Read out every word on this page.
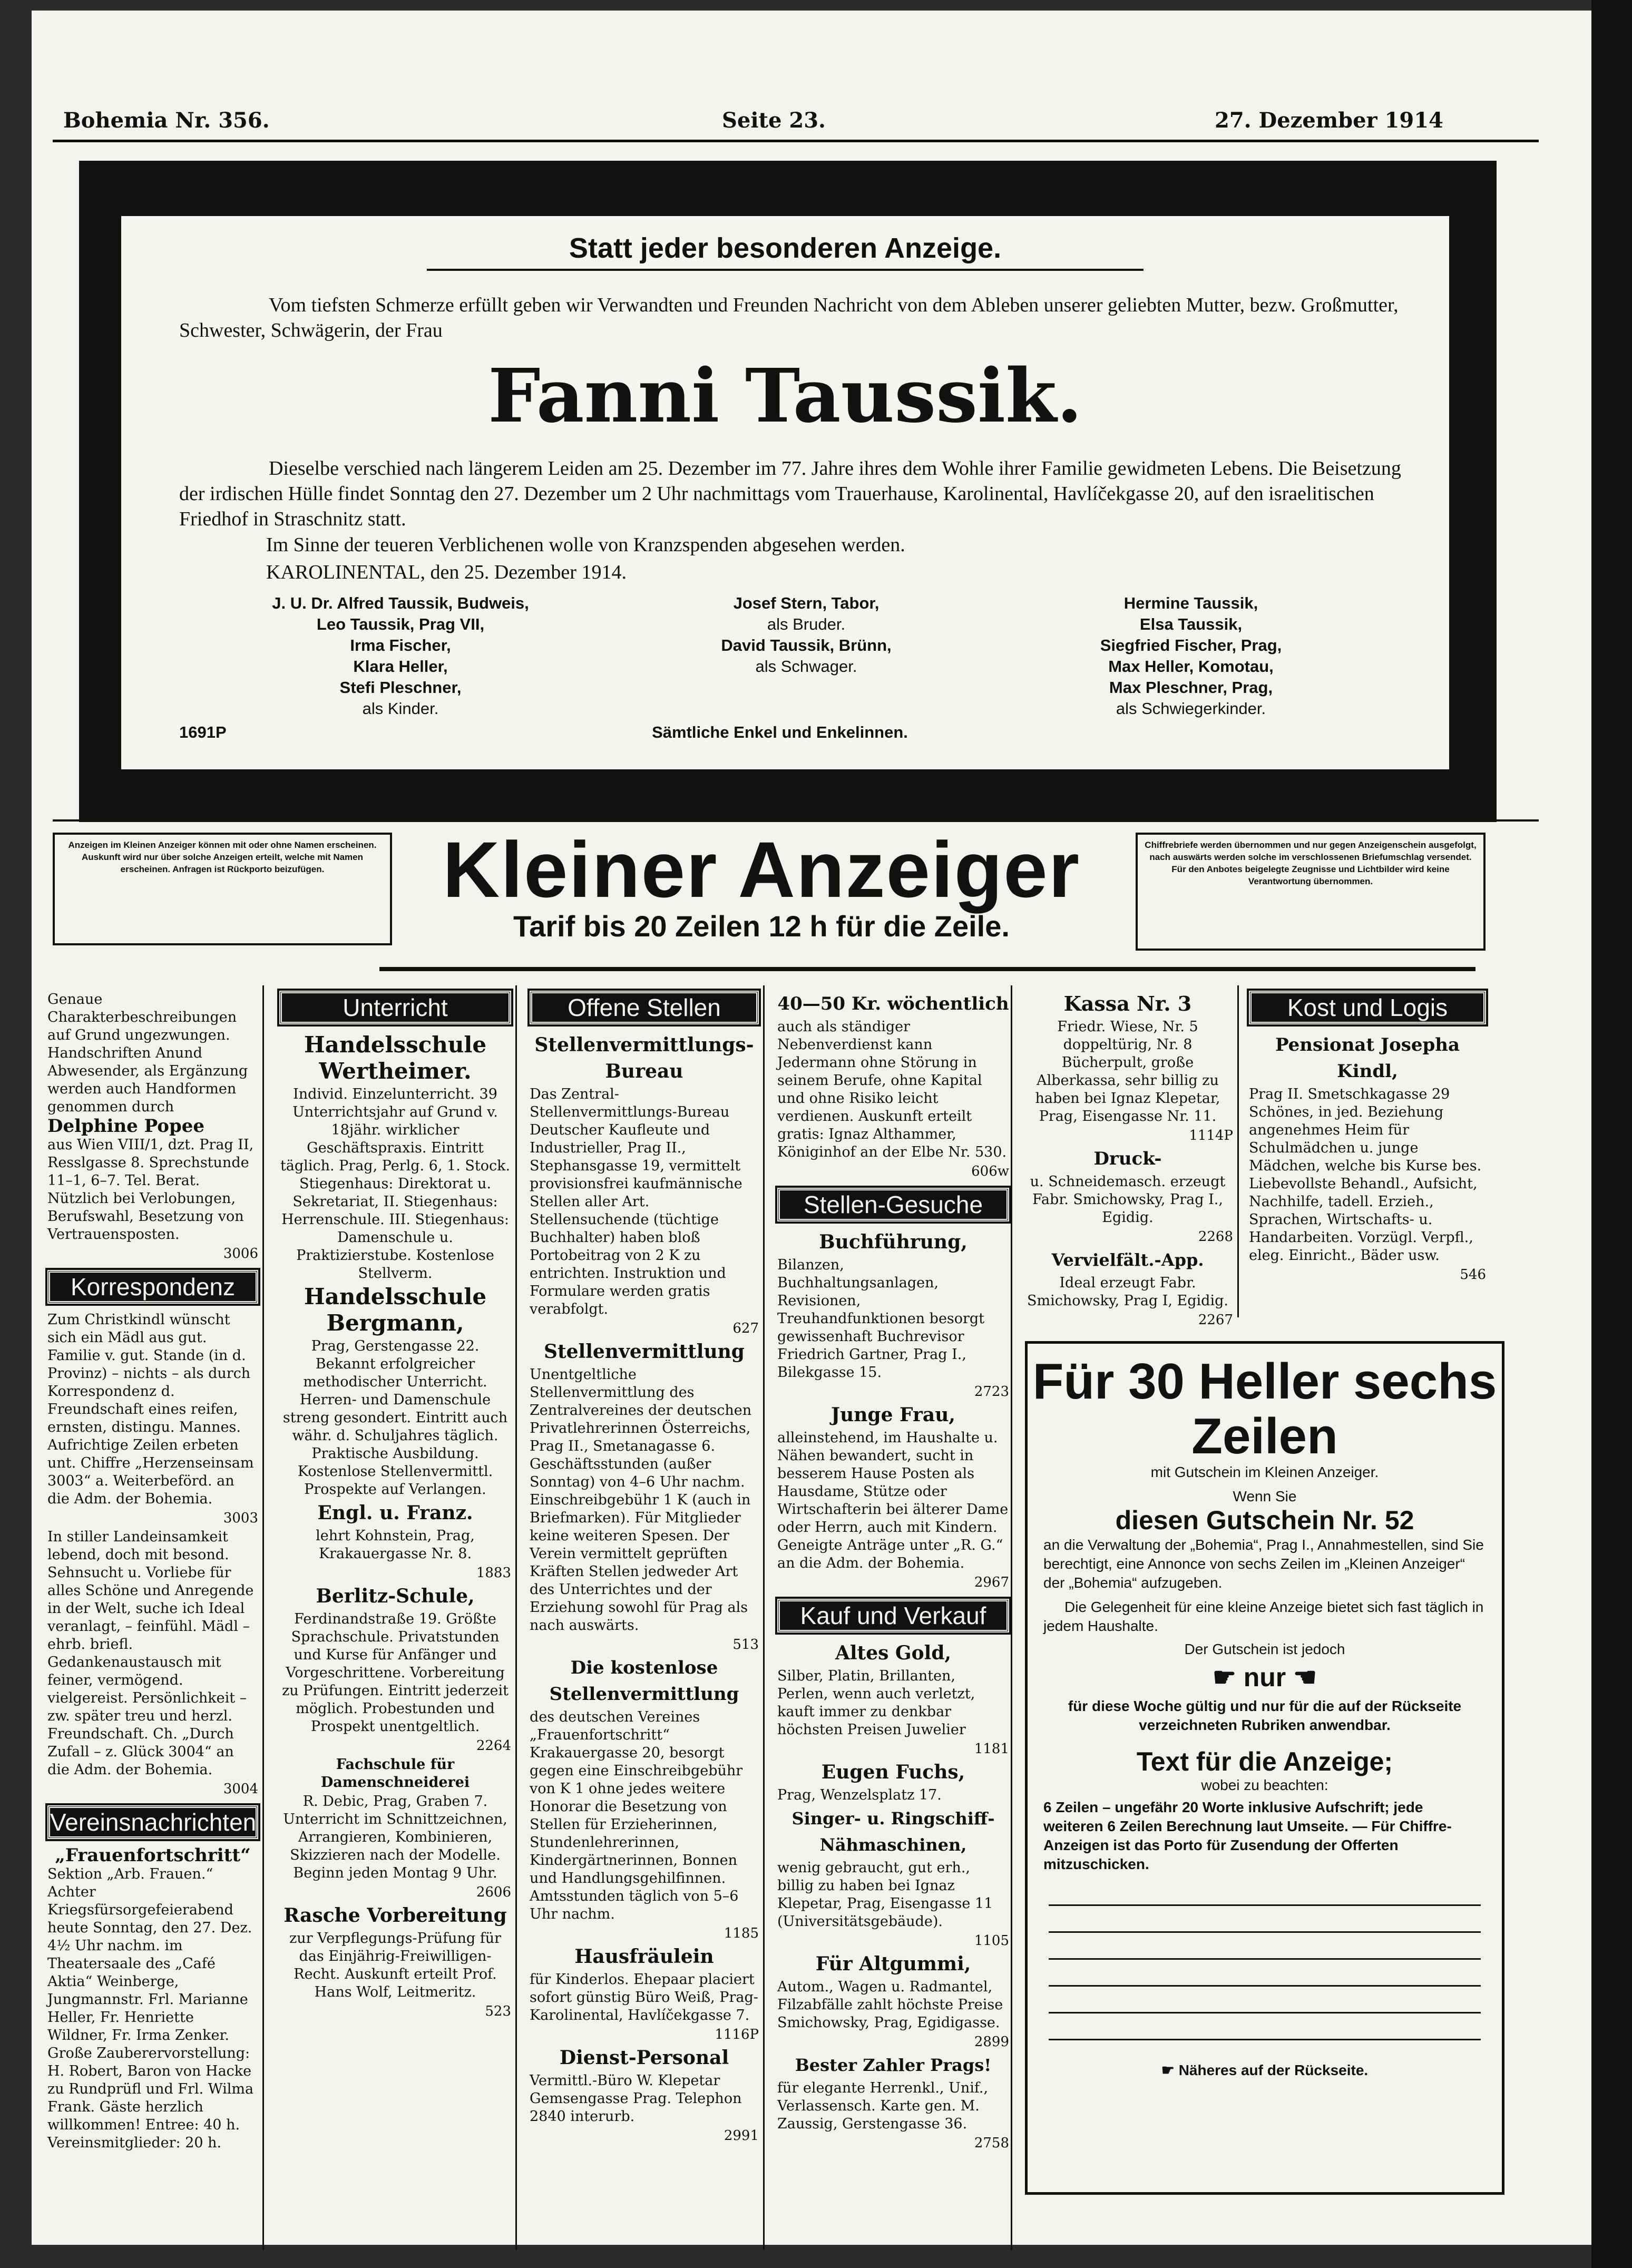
Bohemia Nr. 356.	Seite 23.	27. Dezember 1914
Statt jeder besonderen Anzeige.
Vom tiefsten Schmerze erfüllt geben wir Verwandten und Freunden Nachricht von dem Ableben unserer geliebten Mutter, bezw. Großmutter, Schwester, Schwägerin, der Frau
Fanni Taussik.
Dieselbe verschied nach längerem Leiden am 25. Dezember im 77. Jahre ihres dem Wohle ihrer Familie gewidmeten Lebens. Die Beisetzung der irdischen Hülle findet Sonntag den 27. Dezember um 2 Uhr nachmittags vom Trauerhause, Karolinental, Havlíčekgasse 20, auf den israelitischen Friedhof in Straschnitz statt.
Im Sinne der teueren Verblichenen wolle von Kranzspenden abgesehen werden.
KAROLINENTAL, den 25. Dezember 1914.
J. U. Dr. Alfred Taussik, Budweis,
Leo Taussik, Prag VII,
Irma Fischer,
Klara Heller,
Stefi Pleschner,
als Kinder.
Josef Stern, Tabor,
als Bruder.
David Taussik, Brünn,
als Schwager.
Hermine Taussik,
Elsa Taussik,
Siegfried Fischer, Prag,
Max Heller, Komotau,
Max Pleschner, Prag,
als Schwiegerkinder.
1691P	Sämtliche Enkel und Enkelinnen.
Anzeigen im Kleinen Anzeiger können mit oder ohne Namen erscheinen. Auskunft wird nur über solche Anzeigen erteilt, welche mit Namen erscheinen. Anfragen ist Rückporto beizufügen.	Kleiner Anzeiger
Tarif bis 20 Zeilen 12 h für die Zeile.
Chiffrebriefe werden übernommen und nur gegen Anzeigenschein ausgefolgt, nach auswärts werden solche im verschlossenen Briefumschlag versendet. Für den Anbotes beigelegte Zeugnisse und Lichtbilder wird keine Verantwortung übernommen.

Genaue Charakterbeschreibungen auf Grund ungezwungen. Handschriften Anund Abwesender, als Ergänzung werden auch Handformen genommen durch

Delphine Popee

aus Wien VIII/1, dzt. Prag II, Resslgasse 8. Sprechstunde 11–1, 6–7. Tel. Berat. Nützlich bei Verlobungen, Berufswahl, Besetzung von Vertrauensposten.

3006

Korrespondenz

Zum Christkindl wünscht sich ein Mädl aus gut. Familie v. gut. Stande (in d. Provinz) – nichts – als durch Korrespondenz d. Freundschaft eines reifen, ernsten, distingu. Mannes. Aufrichtige Zeilen erbeten unt. Chiffre „Herzenseinsam 3003“ a. Weiterbeförd. an die Adm. der Bohemia.

3003

In stiller Landeinsamkeit lebend, doch mit besond. Sehnsucht u. Vorliebe für alles Schöne und Anregende in der Welt, suche ich Ideal veranlagt, – feinfühl. Mädl – ehrb. briefl. Gedankenaustausch mit feiner, vermögend. vielgereist. Persönlichkeit – zw. später treu und herzl. Freundschaft. Ch. „Durch Zufall – z. Glück 3004“ an die Adm. der Bohemia.

3004

Vereinsnachrichten

„Frauenfortschritt“

Sektion „Arb. Frauen.“ Achter Kriegsfürsorgefeierabend heute Sonntag, den 27. Dez. 4½ Uhr nachm. im Theatersaale des „Café Aktia“ Weinberge, Jungmannstr. Frl. Marianne Heller, Fr. Henriette Wildner, Fr. Irma Zenker. Große Zauberervorstellung: H. Robert, Baron von Hacke zu Rundprüfl und Frl. Wilma Frank. Gäste herzlich willkommen! Entree: 40 h. Vereinsmitglieder: 20 h.

Unterricht

Handelsschule Wertheimer.

Individ. Einzelunterricht. 39 Unterrichtsjahr auf Grund v. 18jähr. wirklicher Geschäftspraxis. Eintritt täglich. Prag, Perlg. 6, 1. Stock. Stiegenhaus: Direktorat u. Sekretariat, II. Stiegenhaus: Herrenschule. III. Stiegenhaus: Damenschule u. Praktizierstube. Kostenlose Stellverm.

Handelsschule Bergmann,

Prag, Gerstengasse 22. Bekannt erfolgreicher methodischer Unterricht. Herren- und Damenschule streng gesondert. Eintritt auch währ. d. Schuljahres täglich. Praktische Ausbildung. Kostenlose Stellenvermittl. Prospekte auf Verlangen.

Engl. u. Franz.

lehrt Kohnstein, Prag, Krakauergasse Nr. 8.

1883

Berlitz-Schule,

Ferdinandstraße 19. Größte Sprachschule. Privatstunden und Kurse für Anfänger und Vorgeschrittene. Vorbereitung zu Prüfungen. Eintritt jederzeit möglich. Probestunden und Prospekt unentgeltlich.

2264

Fachschule für Damenschneiderei

R. Debic, Prag, Graben 7. Unterricht im Schnittzeichnen, Arrangieren, Kombinieren, Skizzieren nach der Modelle. Beginn jeden Montag 9 Uhr.

2606

Rasche Vorbereitung

zur Verpflegungs-Prüfung für das Einjährig-Freiwilligen-Recht. Auskunft erteilt Prof. Hans Wolf, Leitmeritz.

523

Offene Stellen

Stellenvermittlungs-Bureau

Das Zentral-Stellenvermittlungs-Bureau Deutscher Kaufleute und Industrieller, Prag II., Stephansgasse 19, vermittelt provisionsfrei kaufmännische Stellen aller Art. Stellensuchende (tüchtige Buchhalter) haben bloß Portobeitrag von 2 K zu entrichten. Instruktion und Formulare werden gratis verabfolgt.

627

Stellenvermittlung

Unentgeltliche Stellenvermittlung des Zentralvereines der deutschen Privatlehrerinnen Österreichs, Prag II., Smetanagasse 6. Geschäftsstunden (außer Sonntag) von 4–6 Uhr nachm. Einschreibgebühr 1 K (auch in Briefmarken). Für Mitglieder keine weiteren Spesen. Der Verein vermittelt geprüften Kräften Stellen jedweder Art des Unterrichtes und der Erziehung sowohl für Prag als nach auswärts.

513

Die kostenlose Stellenvermittlung

des deutschen Vereines „Frauenfortschritt“ Krakauergasse 20, besorgt gegen eine Einschreibgebühr von K 1 ohne jedes weitere Honorar die Besetzung von Stellen für Erzieherinnen, Stundenlehrerinnen, Kindergärtnerinnen, Bonnen und Handlungsgehilfinnen. Amtsstunden täglich von 5–6 Uhr nachm.

1185

Hausfräulein

für Kinderlos. Ehepaar placiert sofort günstig Büro Weiß, Prag-Karolinental, Havlíčekgasse 7.

1116P

Dienst-Personal

Vermittl.-Büro W. Klepetar Gemsengasse Prag. Telephon 2840 interurb.

2991

40—50 Kr. wöchentlich

auch als ständiger Nebenverdienst kann Jedermann ohne Störung in seinem Berufe, ohne Kapital und ohne Risiko leicht verdienen. Auskunft erteilt gratis: Ignaz Althammer, Königinhof an der Elbe Nr. 530.

606w

Stellen-Gesuche

Buchführung,

Bilanzen, Buchhaltungsanlagen, Revisionen, Treuhandfunktionen besorgt gewissenhaft Buchrevisor Friedrich Gartner, Prag I., Bilekgasse 15.

2723

Junge Frau,

alleinstehend, im Haushalte u. Nähen bewandert, sucht in besserem Hause Posten als Hausdame, Stütze oder Wirtschafterin bei älterer Dame oder Herrn, auch mit Kindern. Geneigte Anträge unter „R. G.“ an die Adm. der Bohemia.

2967

Kauf und Verkauf

Altes Gold,

Silber, Platin, Brillanten, Perlen, wenn auch verletzt, kauft immer zu denkbar höchsten Preisen Juwelier

1181

Eugen Fuchs,

Prag, Wenzelsplatz 17.

Singer- u. Ringschiff-Nähmaschinen,

wenig gebraucht, gut erh., billig zu haben bei Ignaz Klepetar, Prag, Eisengasse 11 (Universitätsgebäude).

1105

Für Altgummi,

Autom., Wagen u. Radmantel, Filzabfälle zahlt höchste Preise Smichowsky, Prag, Egidigasse.

2899

Bester Zahler Prags!

für elegante Herrenkl., Unif., Verlassensch. Karte gen. M. Zaussig, Gerstengasse 36.

2758

Kassa Nr. 3

Friedr. Wiese, Nr. 5 doppeltürig, Nr. 8 Bücherpult, große Alberkassa, sehr billig zu haben bei Ignaz Klepetar, Prag, Eisengasse Nr. 11.

1114P

Druck-

u. Schneidemasch. erzeugt Fabr. Smichowsky, Prag I., Egidig.

2268

Vervielfält.-App.

Ideal erzeugt Fabr. Smichowsky, Prag I, Egidig.

2267

Kost und Logis

Pensionat Josepha Kindl,

Prag II. Smetschkagasse 29 Schönes, in jed. Beziehung angenehmes Heim für Schulmädchen u. junge Mädchen, welche bis Kurse bes. Liebevollste Behandl., Aufsicht, Nachhilfe, tadell. Erzieh., Sprachen, Wirtschafts- u. Handarbeiten. Vorzügl. Verpfl., eleg. Einricht., Bäder usw.

546

Für 30 Heller sechs Zeilen
mit Gutschein im Kleinen Anzeiger.
Wenn Sie
diesen Gutschein Nr. 52
an die Verwaltung der „Bohemia“, Prag I., Annahmestellen, sind Sie berechtigt, eine Annonce von sechs Zeilen im „Kleinen Anzeiger“ der „Bohemia“ aufzugeben.
Die Gelegenheit für eine kleine Anzeige bietet sich fast täglich in jedem Haushalte.
Der Gutschein ist jedoch
☛ nur ☚
für diese Woche gültig und nur für die auf der Rückseite verzeichneten Rubriken anwendbar.
Text für die Anzeige;
wobei zu beachten:
6 Zeilen – ungefähr 20 Worte inklusive Aufschrift; jede weiteren 6 Zeilen Berechnung laut Umseite. — Für Chiffre-Anzeigen ist das Porto für Zusendung der Offerten mitzuschicken.
☛ Näheres auf der Rückseite.
